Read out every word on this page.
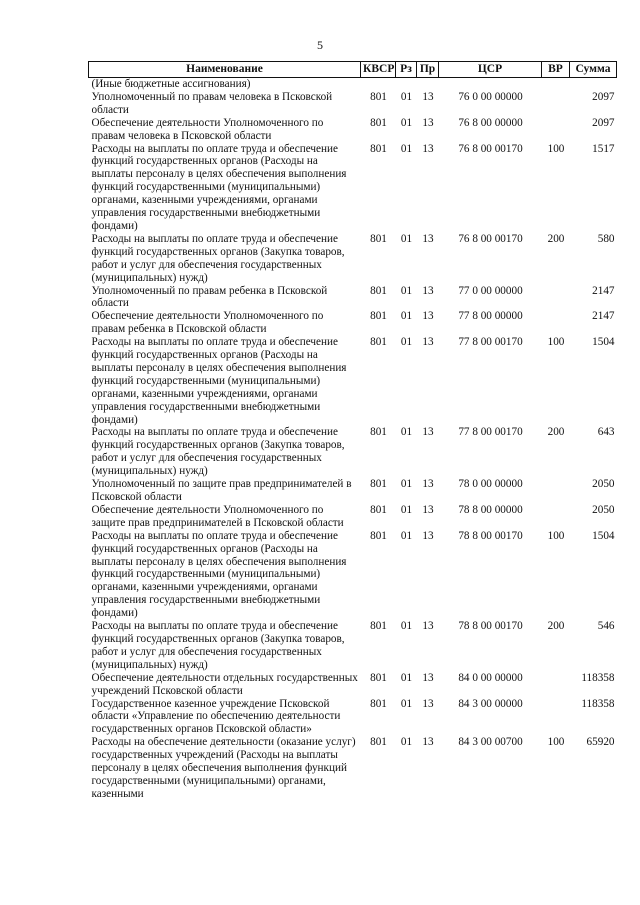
5
Наименование	КВСР	Рз	Пр	ЦСР	ВР	Сумма
(Иные бюджетные ассигнования)						
Уполномоченный по правам человека в Псковской области	801	01	13	76 0 00 00000		2097
Обеспечение деятельности Уполномоченного по правам человека в Псковской области	801	01	13	76 8 00 00000		2097
Расходы на выплаты по оплате труда и обеспечение функций государственных органов (Расходы на выплаты персоналу в целях обеспечения выполнения функций государственными (муниципальными) органами, казенными учреждениями, органами управления государственными внебюджетными фондами)	801	01	13	76 8 00 00170	100	1517
Расходы на выплаты по оплате труда и обеспечение функций государственных органов (Закупка товаров, работ и услуг для обеспечения государственных (муниципальных) нужд)	801	01	13	76 8 00 00170	200	580
Уполномоченный по правам ребенка в Псковской области	801	01	13	77 0 00 00000		2147
Обеспечение деятельности Уполномоченного по правам ребенка в Псковской области	801	01	13	77 8 00 00000		2147
Расходы на выплаты по оплате труда и обеспечение функций государственных органов (Расходы на выплаты персоналу в целях обеспечения выполнения функций государственными (муниципальными) органами, казенными учреждениями, органами управления государственными внебюджетными фондами)	801	01	13	77 8 00 00170	100	1504
Расходы на выплаты по оплате труда и обеспечение функций государственных органов (Закупка товаров, работ и услуг для обеспечения государственных (муниципальных) нужд)	801	01	13	77 8 00 00170	200	643
Уполномоченный по защите прав предпринимателей в Псковской области	801	01	13	78 0 00 00000		2050
Обеспечение деятельности Уполномоченного по защите прав предпринимателей в Псковской области	801	01	13	78 8 00 00000		2050
Расходы на выплаты по оплате труда и обеспечение функций государственных органов (Расходы на выплаты персоналу в целях обеспечения выполнения функций государственными (муниципальными) органами, казенными учреждениями, органами управления государственными внебюджетными фондами)	801	01	13	78 8 00 00170	100	1504
Расходы на выплаты по оплате труда и обеспечение функций государственных органов (Закупка товаров, работ и услуг для обеспечения государственных (муниципальных) нужд)	801	01	13	78 8 00 00170	200	546
Обеспечение деятельности отдельных государственных учреждений Псковской области	801	01	13	84 0 00 00000		118358
Государственное казенное учреждение Псковской области «Управление по обеспечению деятельности государственных органов Псковской области»	801	01	13	84 3 00 00000		118358
Расходы на обеспечение деятельности (оказание услуг) государственных учреждений (Расходы на выплаты персоналу в целях обеспечения выполнения функций государственными (муниципальными) органами, казенными	801	01	13	84 3 00 00700	100	65920
